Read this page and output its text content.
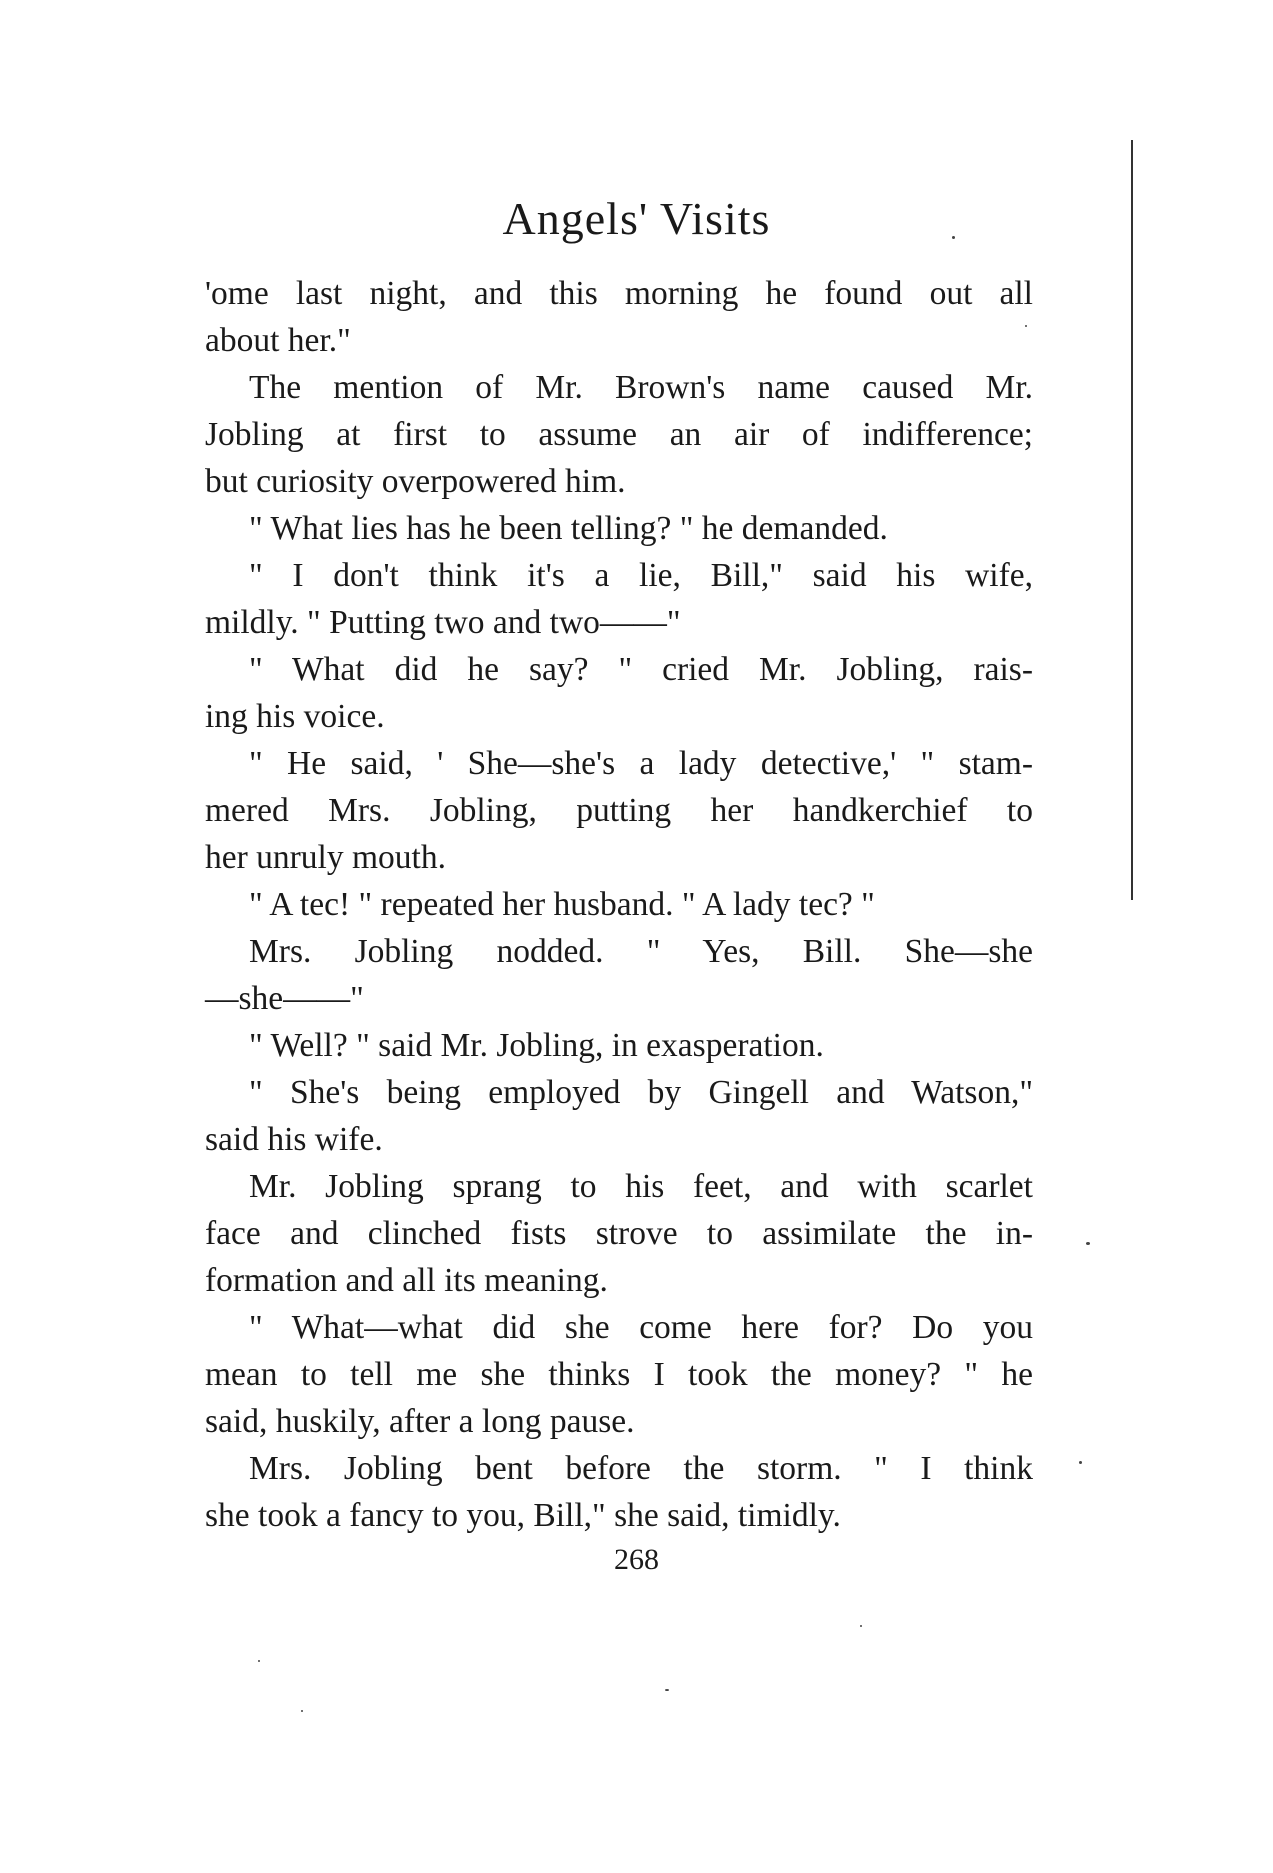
Angels' Visits
'ome last night, and this morning he found out all
about her."
The mention of Mr. Brown's name caused Mr.
Jobling at first to assume an air of indifference;
but curiosity overpowered him.
" What lies has he been telling? " he demanded.
" I don't think it's a lie, Bill," said his wife,
mildly. " Putting two and two——"
" What did he say? " cried Mr. Jobling, rais-
ing his voice.
" He said, ' She—she's a lady detective,' " stam-
mered Mrs. Jobling, putting her handkerchief to
her unruly mouth.
" A tec! " repeated her husband. " A lady tec? "
Mrs. Jobling nodded. " Yes, Bill. She—she
—she——"
" Well? " said Mr. Jobling, in exasperation.
" She's being employed by Gingell and Watson,"
said his wife.
Mr. Jobling sprang to his feet, and with scarlet
face and clinched fists strove to assimilate the in-
formation and all its meaning.
" What—what did she come here for? Do you
mean to tell me she thinks I took the money? " he
said, huskily, after a long pause.
Mrs. Jobling bent before the storm. " I think
she took a fancy to you, Bill," she said, timidly.
268
